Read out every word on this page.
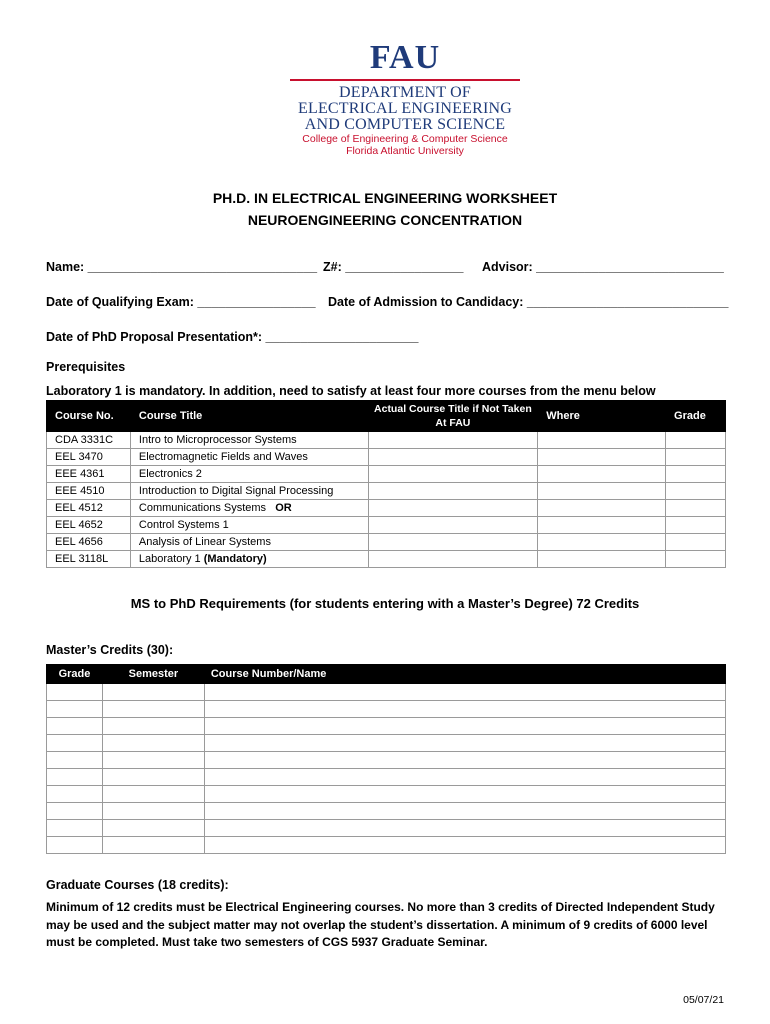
FAU
DEPARTMENT OF
ELECTRICAL ENGINEERING
AND COMPUTER SCIENCE
College of Engineering & Computer Science
Florida Atlantic University
PH.D. IN ELECTRICAL ENGINEERING WORKSHEET
NEUROENGINEERING CONCENTRATION
Name: _________________________________ Z#: _________________ Advisor: ___________________________
Date of Qualifying Exam: _________________ Date of Admission to Candidacy: _____________________________
Date of PhD Proposal Presentation*: ______________________
Prerequisites
Laboratory 1 is mandatory. In addition, need to satisfy at least four more courses from the menu below
Course No.	Course Title	Actual Course Title if Not Taken At FAU	Where	Grade
CDA 3331C	Intro to Microprocessor Systems			
EEL 3470	Electromagnetic Fields and Waves			
EEE 4361	Electronics 2			
EEE 4510	Introduction to Digital Signal Processing			
EEL 4512	Communications Systems OR			
EEL 4652	Control Systems 1			
EEL 4656	Analysis of Linear Systems			
EEL 3118L	Laboratory 1 (Mandatory)			
MS to PhD Requirements (for students entering with a Master’s Degree) 72 Credits
Master’s Credits (30):
Grade	Semester	Course Number/Name

Graduate Courses (18 credits):
Minimum of 12 credits must be Electrical Engineering courses. No more than 3 credits of Directed Independent Study may be used and the subject matter may not overlap the student’s dissertation. A minimum of 9 credits of 6000 level must be completed. Must take two semesters of CGS 5937 Graduate Seminar.
05/07/21
